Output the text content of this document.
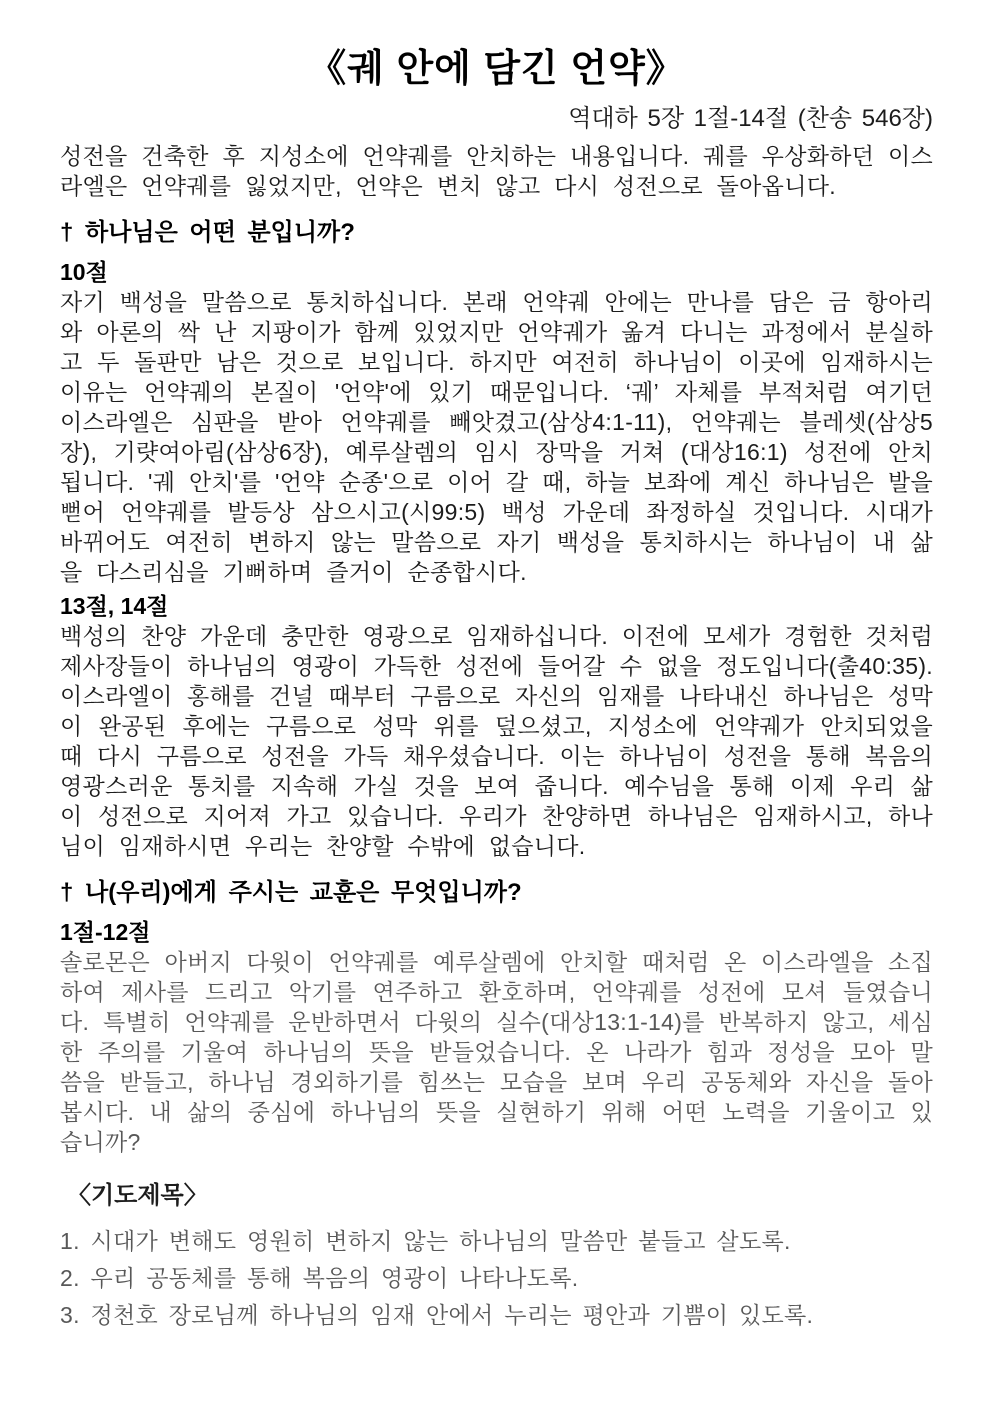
《궤 안에 담긴 언약》
역대하 5장 1절-14절 (찬송 546장)

성전을 건축한 후 지성소에 언약궤를 안치하는 내용입니다. 궤를 우상화하던 이스라엘은 언약궤를 잃었지만, 언약은 변치 않고 다시 성전으로 돌아옵니다.

† 하나님은 어떤 분입니까?
10절

자기 백성을 말씀으로 통치하십니다. 본래 언약궤 안에는 만나를 담은 금 항아리와 아론의 싹 난 지팡이가 함께 있었지만 언약궤가 옮겨 다니는 과정에서 분실하고 두 돌판만 남은 것으로 보입니다. 하지만 여전히 하나님이 이곳에 임재하시는 이유는 언약궤의 본질이 '언약'에 있기 때문입니다. ‘궤’ 자체를 부적처럼 여기던 이스라엘은 심판을 받아 언약궤를 빼앗겼고(삼상4:1-11), 언약궤는 블레셋(삼상5장), 기럇여아림(삼상6장), 예루살렘의 임시 장막을 거쳐 (대상16:1) 성전에 안치됩니다. '궤 안치'를 '언약 순종'으로 이어 갈 때, 하늘 보좌에 계신 하나님은 발을 뻗어 언약궤를 발등상 삼으시고(시99:5) 백성 가운데 좌정하실 것입니다. 시대가 바뀌어도 여전히 변하지 않는 말씀으로 자기 백성을 통치하시는 하나님이 내 삶을 다스리심을 기뻐하며 즐거이 순종합시다.

13절, 14절

백성의 찬양 가운데 충만한 영광으로 임재하십니다. 이전에 모세가 경험한 것처럼 제사장들이 하나님의 영광이 가득한 성전에 들어갈 수 없을 정도입니다(출40:35). 이스라엘이 홍해를 건널 때부터 구름으로 자신의 임재를 나타내신 하나님은 성막이 완공된 후에는 구름으로 성막 위를 덮으셨고, 지성소에 언약궤가 안치되었을 때 다시 구름으로 성전을 가득 채우셨습니다. 이는 하나님이 성전을 통해 복음의 영광스러운 통치를 지속해 가실 것을 보여 줍니다. 예수님을 통해 이제 우리 삶이 성전으로 지어져 가고 있습니다. 우리가 찬양하면 하나님은 임재하시고, 하나님이 임재하시면 우리는 찬양할 수밖에 없습니다.

† 나(우리)에게 주시는 교훈은 무엇입니까?
1절-12절

솔로몬은 아버지 다윗이 언약궤를 예루살렘에 안치할 때처럼 온 이스라엘을 소집하여 제사를 드리고 악기를 연주하고 환호하며, 언약궤를 성전에 모셔 들였습니다. 특별히 언약궤를 운반하면서 다윗의 실수(대상13:1-14)를 반복하지 않고, 세심한 주의를 기울여 하나님의 뜻을 받들었습니다. 온 나라가 힘과 정성을 모아 말씀을 받들고, 하나님 경외하기를 힘쓰는 모습을 보며 우리 공동체와 자신을 돌아봅시다. 내 삶의 중심에 하나님의 뜻을 실현하기 위해 어떤 노력을 기울이고 있습니까?

〈기도제목〉
1. 시대가 변해도 영원히 변하지 않는 하나님의 말씀만 붙들고 살도록.
2. 우리 공동체를 통해 복음의 영광이 나타나도록.
3. 정천호 장로님께 하나님의 임재 안에서 누리는 평안과 기쁨이 있도록.
